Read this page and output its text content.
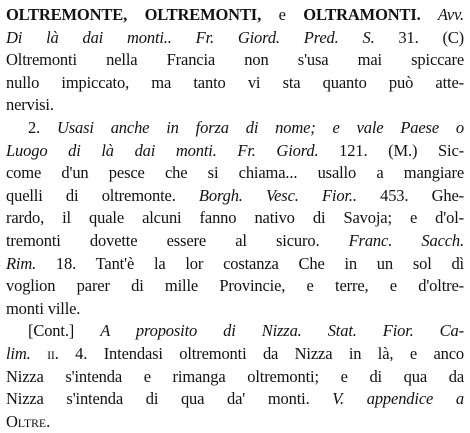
OLTREMONTE, OLTREMONTI, e OLTRAMONTI. Avv.
Di là dai monti.. Fr. Giord. Pred. S. 31. (C)
Oltremonti nella Francia non s'usa mai spiccare
nullo impiccato, ma tanto vi sta quanto può atte-
nervisi.
2. Usasi anche in forza di nome; e vale Paese o
Luogo di là dai monti. Fr. Giord. 121. (M.) Sic-
come d'un pesce che si chiama... usallo a mangiare
quelli di oltremonte. Borgh. Vesc. Fior.. 453. Ghe-
rardo, il quale alcuni fanno nativo di Savoja; e d'ol-
tremonti dovette essere al sicuro. Franc. Sacch.
Rim. 18. Tant'è la lor costanza Che in un sol dì
voglion parer di mille Provincie, e terre, e d'oltre-
monti ville.
[Cont.] A proposito di Nizza. Stat. Fior. Ca-
lim. ii. 4. Intendasi oltremonti da Nizza in là, e anco
Nizza s'intenda e rimanga oltremonti; e di qua da
Nizza s'intenda di qua da' monti. V. appendice a
Oltre.
